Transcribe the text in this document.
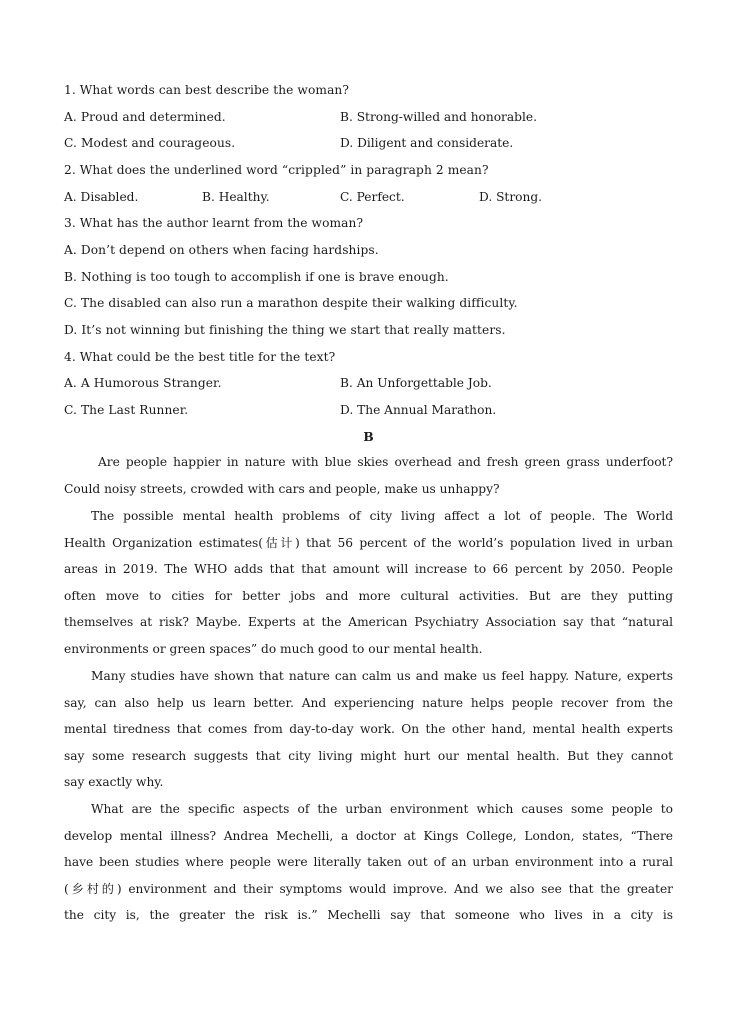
1. What words can best describe the woman?
A. Proud and determined.	B. Strong-willed and honorable.
C. Modest and courageous.	D. Diligent and considerate.
2. What does the underlined word “crippled” in paragraph 2 mean?
A. Disabled.	B. Healthy.	C. Perfect.	D. Strong.
3. What has the author learnt from the woman?
A. Don’t depend on others when facing hardships.
B. Nothing is too tough to accomplish if one is brave enough.
C. The disabled can also run a marathon despite their walking difficulty.
D. It’s not winning but finishing the thing we start that really matters.
4. What could be the best title for the text?
A. A Humorous Stranger.	B. An Unforgettable Job.
C. The Last Runner.	D. The Annual Marathon.
B
Are people happier in nature with blue skies overhead and fresh green grass underfoot?
Could noisy streets, crowded with cars and people, make us unhappy?
The possible mental health problems of city living affect a lot of people. The World
Health Organization estimates(估计) that 56 percent of the world’s population lived in urban
areas in 2019. The WHO adds that that amount will increase to 66 percent by 2050. People
often move to cities for better jobs and more cultural activities. But are they putting
themselves at risk? Maybe. Experts at the American Psychiatry Association say that “natural
environments or green spaces” do much good to our mental health.
Many studies have shown that nature can calm us and make us feel happy. Nature, experts
say, can also help us learn better. And experiencing nature helps people recover from the
mental tiredness that comes from day-to-day work. On the other hand, mental health experts
say some research suggests that city living might hurt our mental health. But they cannot
say exactly why.
What are the specific aspects of the urban environment which causes some people to
develop mental illness? Andrea Mechelli, a doctor at Kings College, London, states, “There
have been studies where people were literally taken out of an urban environment into a rural
(乡村的) environment and their symptoms would improve. And we also see that the greater
the city is, the greater the risk is.” Mechelli say that someone who lives in a city is
